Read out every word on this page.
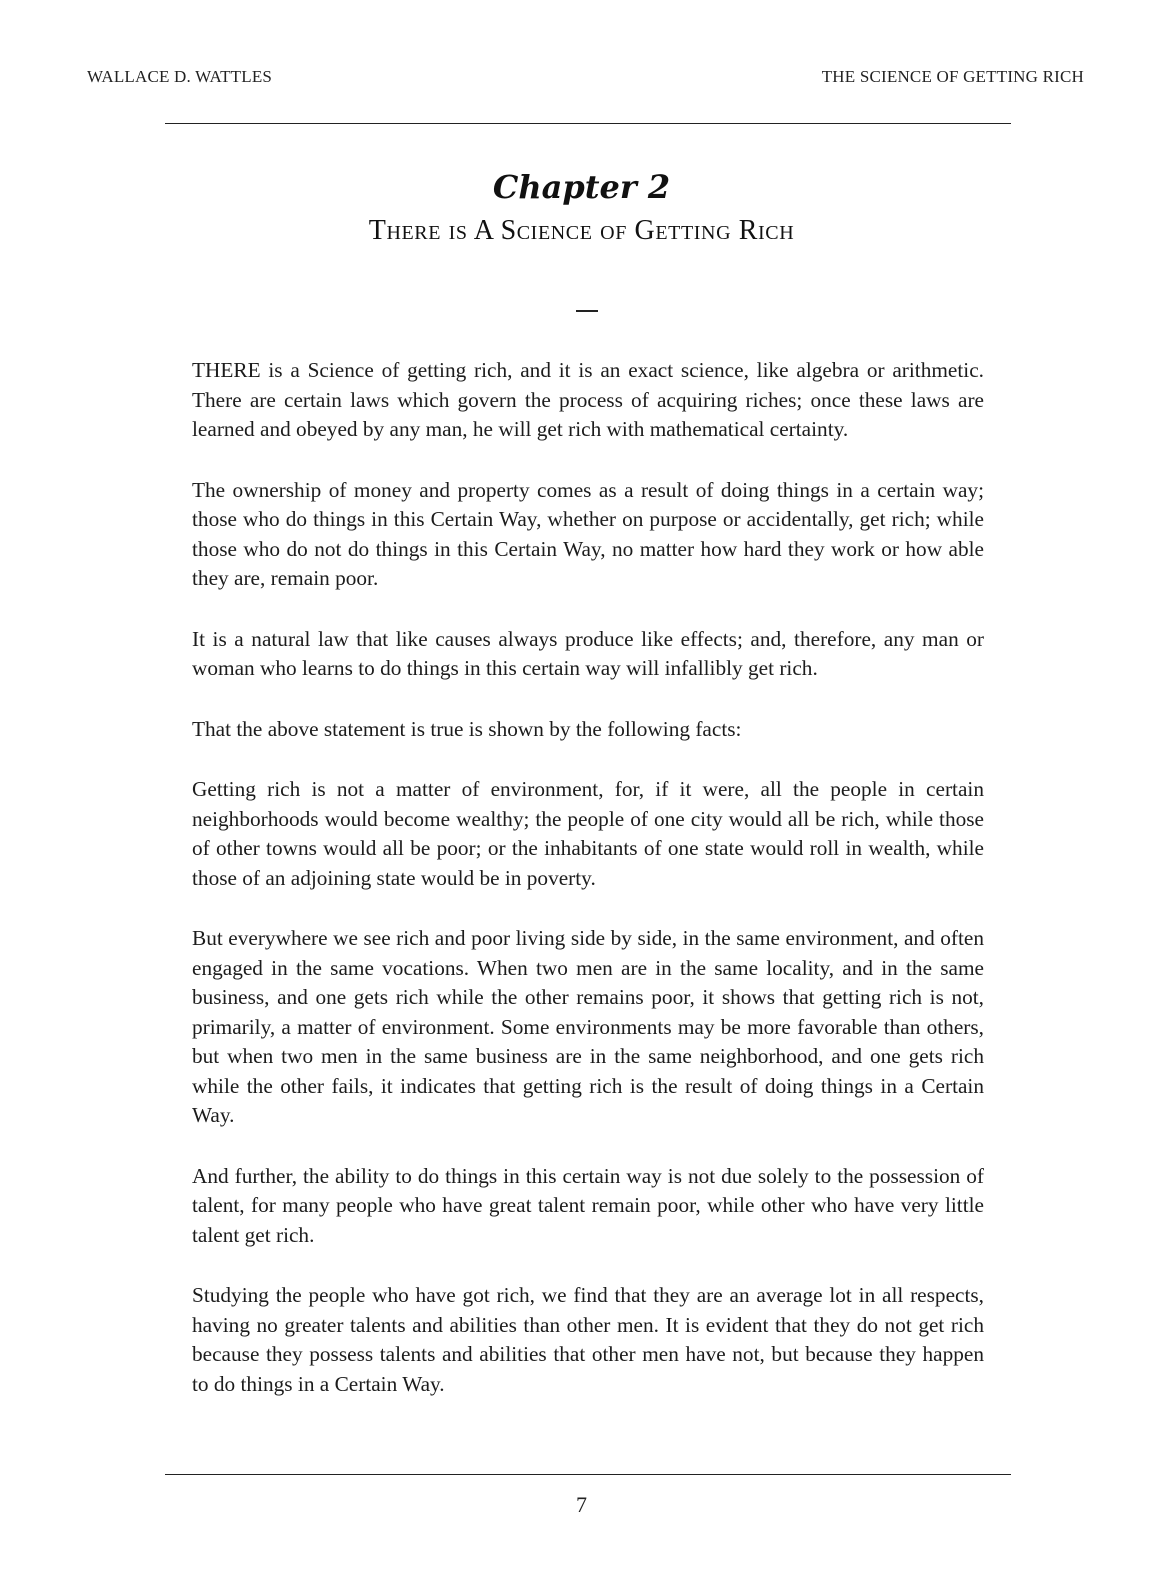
WALLACE D. WATTLES	THE SCIENCE OF GETTING RICH
Chapter 2
There is A Science of Getting Rich

THERE is a Science of getting rich, and it is an exact science, like algebra or arithmetic. There are certain laws which govern the process of acquiring riches; once these laws are learned and obeyed by any man, he will get rich with mathematical certainty.

The ownership of money and property comes as a result of doing things in a certain way; those who do things in this Certain Way, whether on purpose or accidentally, get rich; while those who do not do things in this Certain Way, no matter how hard they work or how able they are, remain poor.

It is a natural law that like causes always produce like effects; and, therefore, any man or woman who learns to do things in this certain way will infallibly get rich.

That the above statement is true is shown by the following facts:

Getting rich is not a matter of environment, for, if it were, all the people in certain neighborhoods would become wealthy; the people of one city would all be rich, while those of other towns would all be poor; or the inhabitants of one state would roll in wealth, while those of an adjoining state would be in poverty.

But everywhere we see rich and poor living side by side, in the same environment, and often engaged in the same vocations. When two men are in the same locality, and in the same business, and one gets rich while the other remains poor, it shows that getting rich is not, primarily, a matter of environment. Some environments may be more favorable than others, but when two men in the same business are in the same neighborhood, and one gets rich while the other fails, it indicates that getting rich is the result of doing things in a Certain Way.

And further, the ability to do things in this certain way is not due solely to the possession of talent, for many people who have great talent remain poor, while other who have very little talent get rich.

Studying the people who have got rich, we find that they are an average lot in all respects, having no greater talents and abilities than other men. It is evident that they do not get rich because they possess talents and abilities that other men have not, but because they happen to do things in a Certain Way.

7
